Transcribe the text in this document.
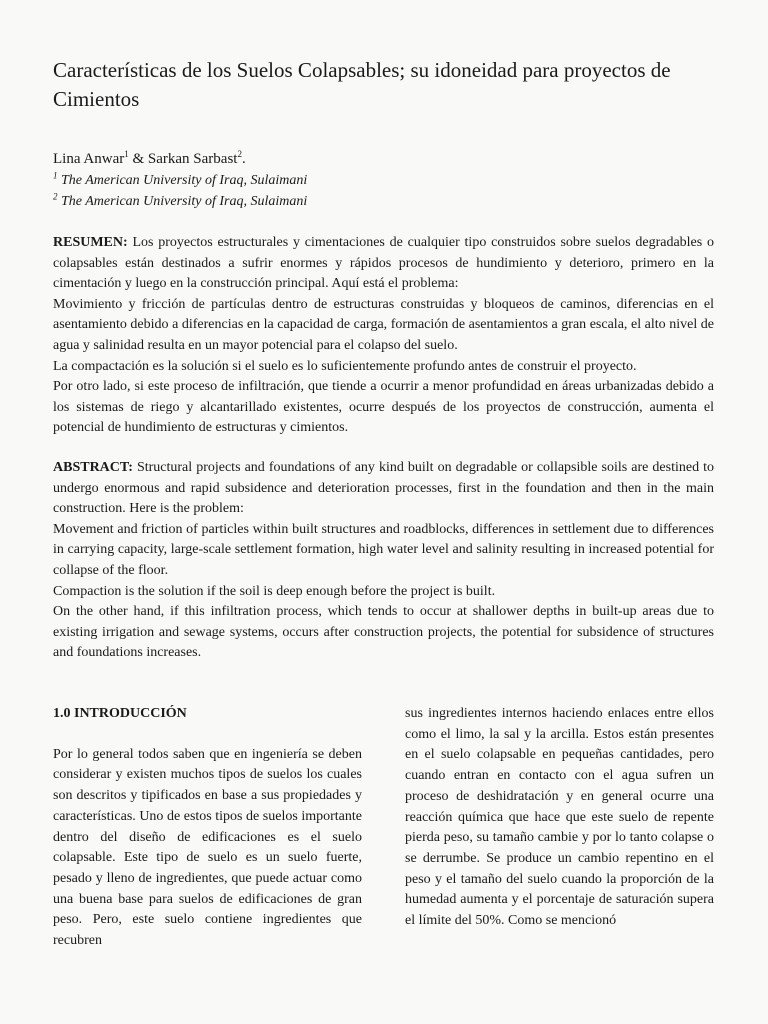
Características de los Suelos Colapsables; su idoneidad para proyectos de Cimientos
Lina Anwar$^1$ & Sarkan Sarbast$^2$.
$^1$ The American University of Iraq, Sulaimani
$^2$ The American University of Iraq, Sulaimani

RESUMEN: Los proyectos estructurales y cimentaciones de cualquier tipo construidos sobre suelos degradables o colapsables están destinados a sufrir enormes y rápidos procesos de hundimiento y deterioro, primero en la cimentación y luego en la construcción principal. Aquí está el problema:

Movimiento y fricción de partículas dentro de estructuras construidas y bloqueos de caminos, diferencias en el asentamiento debido a diferencias en la capacidad de carga, formación de asentamientos a gran escala, el alto nivel de agua y salinidad resulta en un mayor potencial para el colapso del suelo.

La compactación es la solución si el suelo es lo suficientemente profundo antes de construir el proyecto.

Por otro lado, si este proceso de infiltración, que tiende a ocurrir a menor profundidad en áreas urbanizadas debido a los sistemas de riego y alcantarillado existentes, ocurre después de los proyectos de construcción, aumenta el potencial de hundimiento de estructuras y cimientos.

ABSTRACT: Structural projects and foundations of any kind built on degradable or collapsible soils are destined to undergo enormous and rapid subsidence and deterioration processes, first in the foundation and then in the main construction. Here is the problem:

Movement and friction of particles within built structures and roadblocks, differences in settlement due to differences in carrying capacity, large-scale settlement formation, high water level and salinity resulting in increased potential for collapse of the floor.

Compaction is the solution if the soil is deep enough before the project is built.

On the other hand, if this infiltration process, which tends to occur at shallower depths in built-up areas due to existing irrigation and sewage systems, occurs after construction projects, the potential for subsidence of structures and foundations increases.

1.0 INTRODUCCIÓN

Por lo general todos saben que en ingeniería se deben considerar y existen muchos tipos de suelos los cuales son descritos y tipificados en base a sus propiedades y características. Uno de estos tipos de suelos importante dentro del diseño de edificaciones es el suelo colapsable. Este tipo de suelo es un suelo fuerte, pesado y lleno de ingredientes, que puede actuar como una buena base para suelos de edificaciones de gran peso. Pero, este suelo contiene ingredientes que recubren

sus ingredientes internos haciendo enlaces entre ellos como el limo, la sal y la arcilla. Estos están presentes en el suelo colapsable en pequeñas cantidades, pero cuando entran en contacto con el agua sufren un proceso de deshidratación y en general ocurre una reacción química que hace que este suelo de repente pierda peso, su tamaño cambie y por lo tanto colapse o se derrumbe. Se produce un cambio repentino en el peso y el tamaño del suelo cuando la proporción de la humedad aumenta y el porcentaje de saturación supera el límite del 50%. Como se mencionó
